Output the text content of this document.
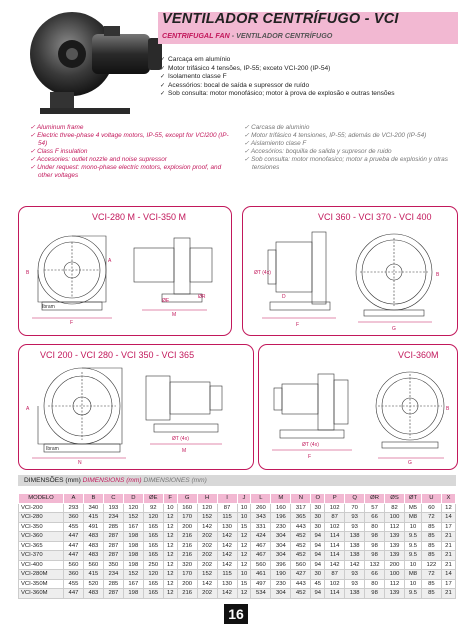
VENTILADOR CENTRÍFUGO - VCI
CENTRIFUGAL FAN - VENTILADOR CENTRÍFUGO
✓ Carcaça em alumínio
✓ Motor trifásico 4 tensões, IP-55; exceto VCI-200 (IP-54)
✓ Isolamento classe F
✓ Acessórios: bocal de saída e supressor de ruído
✓ Sob consulta: motor monofásico; motor à prova de explosão e outras tensões
✓ Aluminum frame
✓ Electric three-phase 4 voltage motors, IP-55, except for VCI200 (IP-54)
✓ Class F insulation
✓ Accesories: outlet nozzle and noise supressor
✓ Under request: mono-phase electric motors, explosion proof, and other voltages
✓ Carcasa de aluminio
✓ Motor trifásico 4 tensiones, IP-55; además de VCI-200 (IP-54)
✓ Aislamiento clase F
✓ Accesórios: boquilla de salida y supresor de ruido
✓ Sob consulta: motor monofasico; motor a prueba de explosión y otras tensiones
VCI-280 M - VCI-350 M
B
A
F
M
ØE
ØR
Ibram
VCI 360 - VCI 370 - VCI 400
ØT (4x)
D
F
B
G
VCI 200 - VCI 280 - VCI 350 - VCI 365
A
N
ØT (4x)
M
Ibram
VCI-360M
ØT (4x)
F
B
G
DIMENSÕES (mm) DIMENSIONS (mm) DIMENSIONES (mm)
MODELO	A	B	C	D	ØE	F	G	H	I	J	L	M	N	O	P	Q	ØR	ØS	ØT	U	X
VCI-200	293	340	193	120	92	10	160	120	87	10	260	160	317	30	102	70	57	82	M5	60	12
VCI-280	360	415	234	152	120	12	170	152	115	10	343	196	365	30	87	93	66	100	M8	72	14
VCI-350	455	491	285	167	165	12	200	142	130	15	331	230	443	30	102	93	80	112	10	85	17
VCI-360	447	483	287	198	165	12	216	202	142	12	424	304	452	94	114	138	98	139	9.5	85	21
VCI-365	447	483	287	198	165	12	216	202	142	12	467	304	452	94	114	138	98	139	9.5	85	21
VCI-370	447	483	287	198	165	12	216	202	142	12	467	304	452	94	114	138	98	139	9.5	85	21
VCI-400	560	560	350	198	250	12	320	202	142	12	560	396	560	94	142	142	132	200	10	122	21
VCI-280M	360	415	234	152	120	12	170	152	115	10	461	190	427	30	87	93	66	100	M8	72	14
VCI-350M	455	520	285	167	165	12	200	142	130	15	497	230	443	45	102	93	80	112	10	85	17
VCI-360M	447	483	287	198	165	12	216	202	142	12	534	304	452	94	114	138	98	139	9.5	85	21
16
